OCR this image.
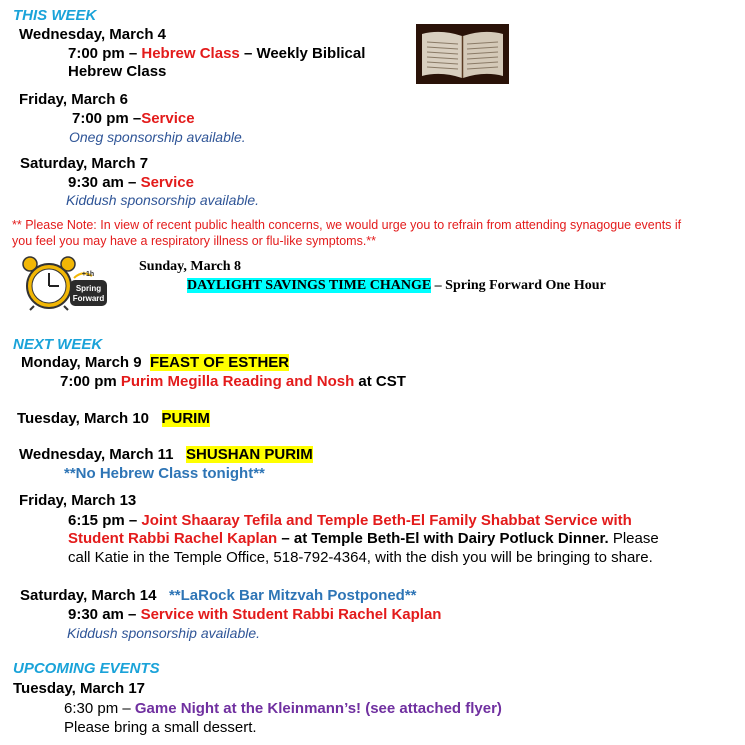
THIS WEEK
Wednesday, March 4
7:00 pm – Hebrew Class – Weekly Biblical
Hebrew Class
Friday, March 6
7:00 pm –Service
Oneg sponsorship available.
Saturday, March 7
9:30 am – Service
Kiddush sponsorship available.
** Please Note: In view of recent public health concerns, we would urge you to refrain from attending synagogue events if
you feel you may have a respiratory illness or flu-like symptoms.**
+1h
Spring
Forward
Sunday, March 8
DAYLIGHT SAVINGS TIME CHANGE – Spring Forward One Hour
NEXT WEEK
Monday, March 9 FEAST OF ESTHER
7:00 pm Purim Megilla Reading and Nosh at CST
Tuesday, March 10 PURIM
Wednesday, March 11 SHUSHAN PURIM
**No Hebrew Class tonight**
Friday, March 13
6:15 pm – Joint Shaaray Tefila and Temple Beth-El Family Shabbat Service with
Student Rabbi Rachel Kaplan – at Temple Beth-El with Dairy Potluck Dinner. Please
call Katie in the Temple Office, 518-792-4364, with the dish you will be bringing to share.
Saturday, March 14 **LaRock Bar Mitzvah Postponed**
9:30 am – Service with Student Rabbi Rachel Kaplan
Kiddush sponsorship available.
UPCOMING EVENTS
Tuesday, March 17
6:30 pm – Game Night at the Kleinmann’s! (see attached flyer)
Please bring a small dessert.
